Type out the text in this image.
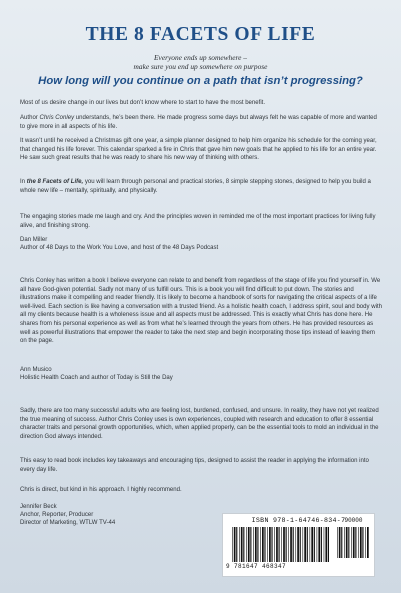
THE 8 FACETS OF LIFE
Everyone ends up somewhere –
make sure you end up somewhere on purpose
How long will you continue on a path that isn’t progressing?

Most of us desire change in our lives but don’t know where to start to have the most benefit.

Author Chris Conley understands, he’s been there. He made progress some days but always felt he was capable of more and wanted to give more in all aspects of his life.

It wasn’t until he received a Christmas gift one year, a simple planner designed to help him organize his schedule for the coming year, that changed his life forever. This calendar sparked a fire in Chris that gave him new goals that he applied to his life for an entire year. He saw such great results that he was ready to share his new way of thinking with others.

In the 8 Facets of Life, you will learn through personal and practical stories, 8 simple stepping stones, designed to help you build a whole new life – mentally, spiritually, and physically.

The engaging stories made me laugh and cry. And the principles woven in reminded me of the most important practices for living fully alive, and finishing strong.

Dan Miller

Author of 48 Days to the Work You Love, and host of the 48 Days Podcast

Chris Conley has written a book I believe everyone can relate to and benefit from regardless of the stage of life you find yourself in. We all have God-given potential. Sadly not many of us fulfill ours. This is a book you will find difficult to put down. The stories and illustrations make it compelling and reader friendly. It is likely to become a handbook of sorts for navigating the critical aspects of a life well-lived. Each section is like having a conversation with a trusted friend. As a holistic health coach, I address spirit, soul and body with all my clients because health is a wholeness issue and all aspects must be addressed. This is exactly what Chris has done here. He shares from his personal experience as well as from what he’s learned through the years from others. He has provided resources as well as powerful illustrations that empower the reader to take the next step and begin incorporating those tips instead of leaving them on the page.

Ann Musico

Holistic Health Coach and author of Today is Still the Day

Sadly, there are too many successful adults who are feeling lost, burdened, confused, and unsure. In reality, they have not yet realized the true meaning of success. Author Chris Conley uses is own experiences, coupled with research and education to offer 8 essential character traits and personal growth opportunities, which, when applied properly, can be the essential tools to mold an individual in the direction God always intended.

This easy to read book includes key takeaways and encouraging tips, designed to assist the reader in applying the information into every day life.

Chris is direct, but kind in his approach. I highly recommend.

Jennifer Beck

Anchor, Reporter, Producer

Director of Marketing, WTLW TV-44	ISBN 978-1-64746-834-7 90000
9 781647 468347
